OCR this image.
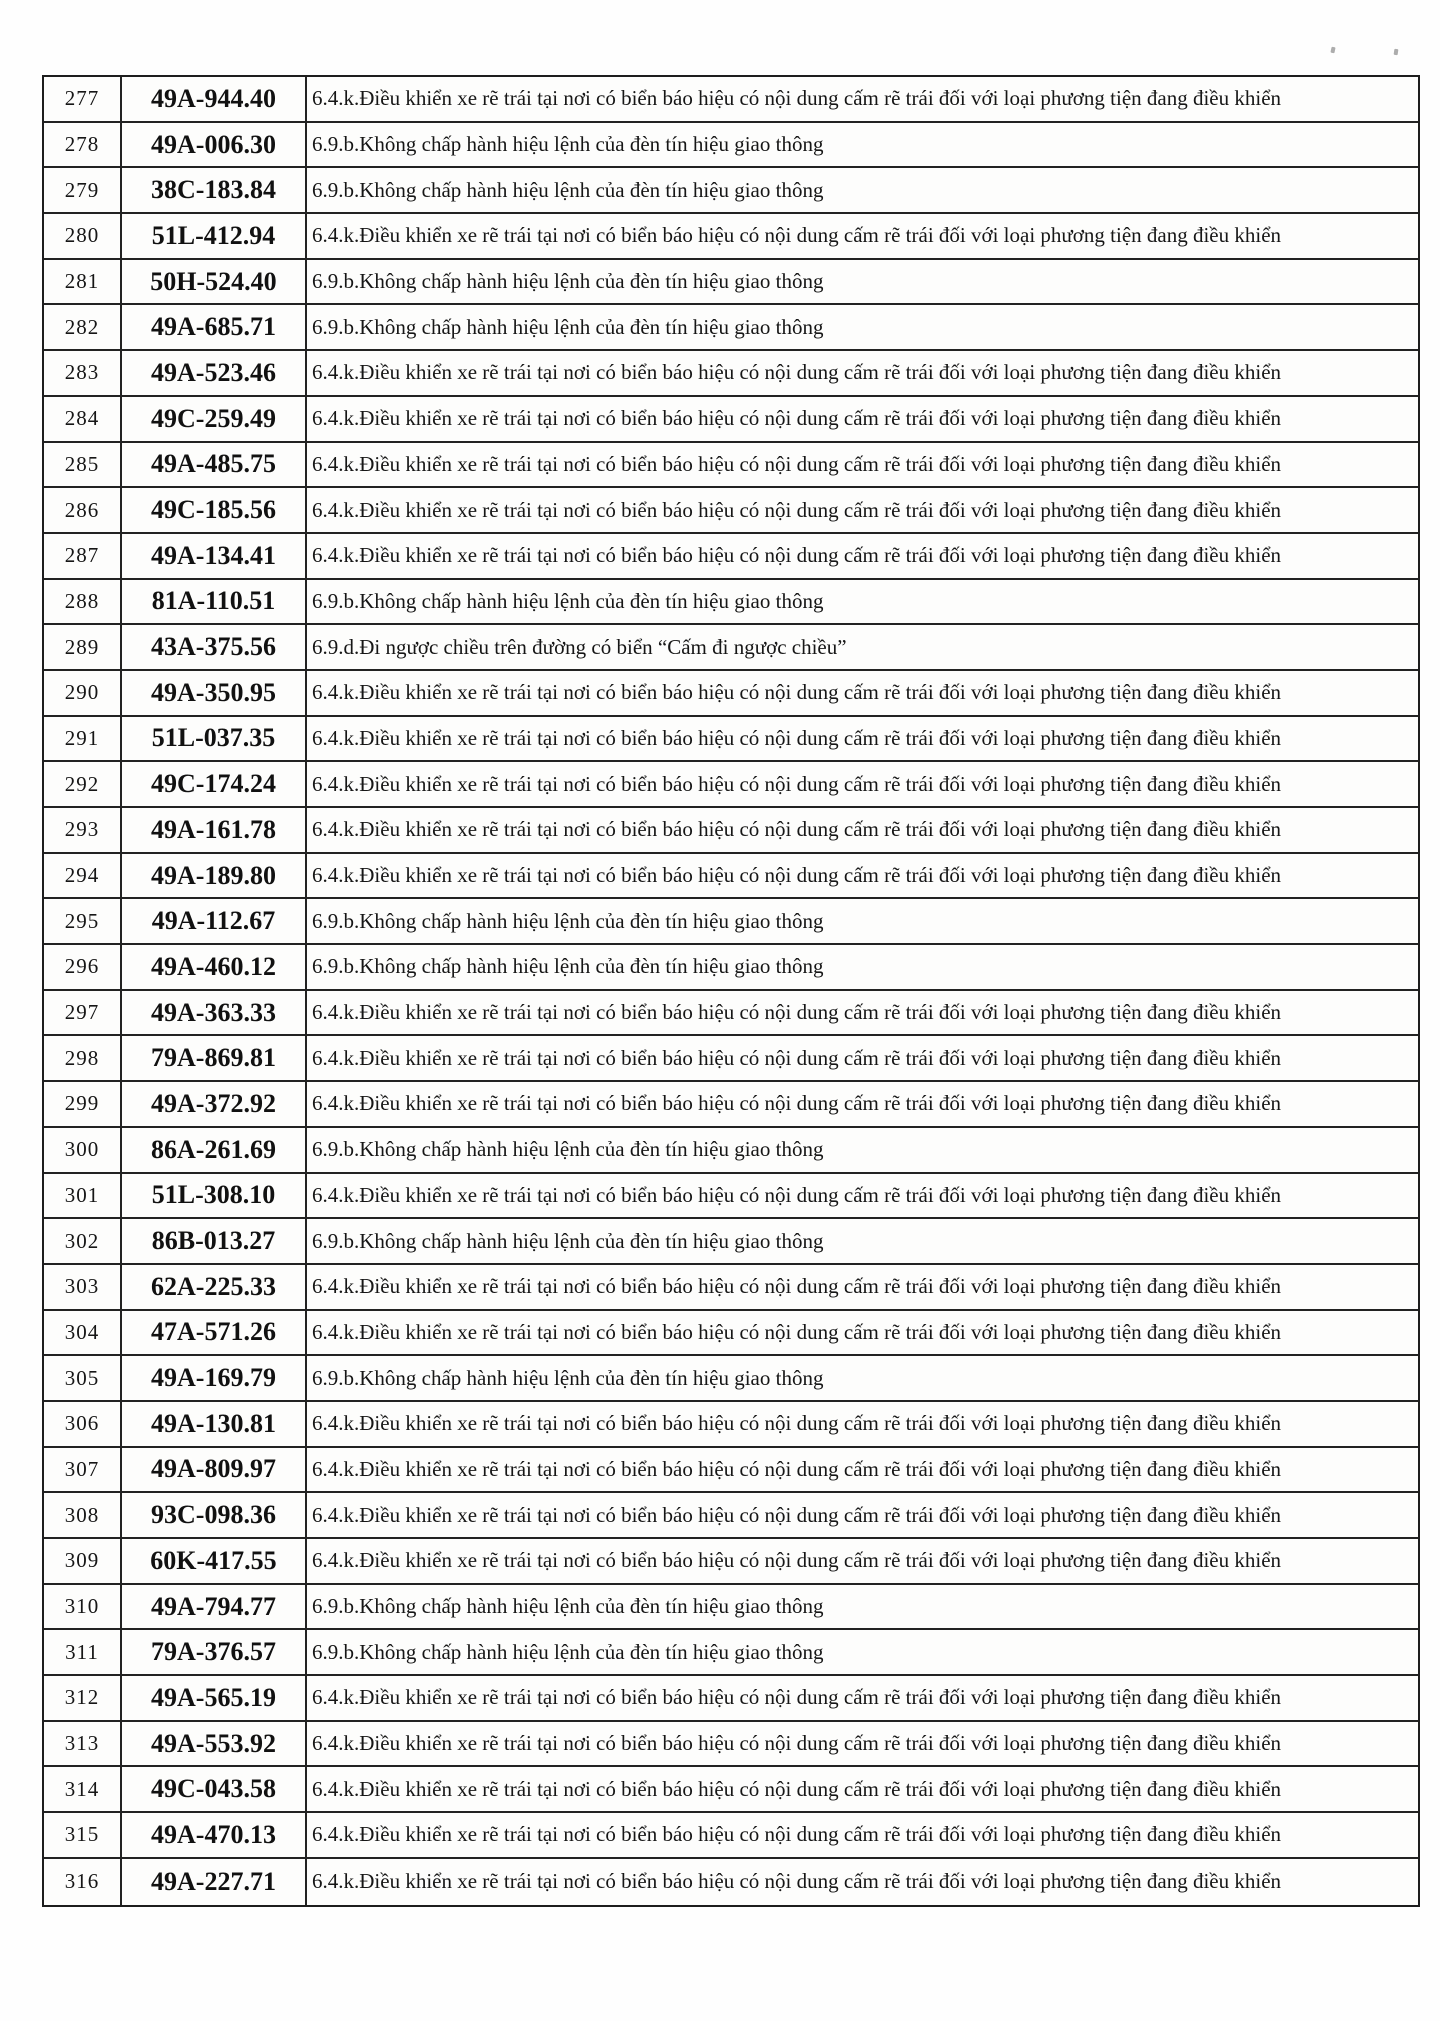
277	49A-944.40	6.4.k.Điều khiển xe rẽ trái tại nơi có biển báo hiệu có nội dung cấm rẽ trái đối với loại phương tiện đang điều khiển
278	49A-006.30	6.9.b.Không chấp hành hiệu lệnh của đèn tín hiệu giao thông
279	38C-183.84	6.9.b.Không chấp hành hiệu lệnh của đèn tín hiệu giao thông
280	51L-412.94	6.4.k.Điều khiển xe rẽ trái tại nơi có biển báo hiệu có nội dung cấm rẽ trái đối với loại phương tiện đang điều khiển
281	50H-524.40	6.9.b.Không chấp hành hiệu lệnh của đèn tín hiệu giao thông
282	49A-685.71	6.9.b.Không chấp hành hiệu lệnh của đèn tín hiệu giao thông
283	49A-523.46	6.4.k.Điều khiển xe rẽ trái tại nơi có biển báo hiệu có nội dung cấm rẽ trái đối với loại phương tiện đang điều khiển
284	49C-259.49	6.4.k.Điều khiển xe rẽ trái tại nơi có biển báo hiệu có nội dung cấm rẽ trái đối với loại phương tiện đang điều khiển
285	49A-485.75	6.4.k.Điều khiển xe rẽ trái tại nơi có biển báo hiệu có nội dung cấm rẽ trái đối với loại phương tiện đang điều khiển
286	49C-185.56	6.4.k.Điều khiển xe rẽ trái tại nơi có biển báo hiệu có nội dung cấm rẽ trái đối với loại phương tiện đang điều khiển
287	49A-134.41	6.4.k.Điều khiển xe rẽ trái tại nơi có biển báo hiệu có nội dung cấm rẽ trái đối với loại phương tiện đang điều khiển
288	81A-110.51	6.9.b.Không chấp hành hiệu lệnh của đèn tín hiệu giao thông
289	43A-375.56	6.9.d.Đi ngược chiều trên đường có biển “Cấm đi ngược chiều”
290	49A-350.95	6.4.k.Điều khiển xe rẽ trái tại nơi có biển báo hiệu có nội dung cấm rẽ trái đối với loại phương tiện đang điều khiển
291	51L-037.35	6.4.k.Điều khiển xe rẽ trái tại nơi có biển báo hiệu có nội dung cấm rẽ trái đối với loại phương tiện đang điều khiển
292	49C-174.24	6.4.k.Điều khiển xe rẽ trái tại nơi có biển báo hiệu có nội dung cấm rẽ trái đối với loại phương tiện đang điều khiển
293	49A-161.78	6.4.k.Điều khiển xe rẽ trái tại nơi có biển báo hiệu có nội dung cấm rẽ trái đối với loại phương tiện đang điều khiển
294	49A-189.80	6.4.k.Điều khiển xe rẽ trái tại nơi có biển báo hiệu có nội dung cấm rẽ trái đối với loại phương tiện đang điều khiển
295	49A-112.67	6.9.b.Không chấp hành hiệu lệnh của đèn tín hiệu giao thông
296	49A-460.12	6.9.b.Không chấp hành hiệu lệnh của đèn tín hiệu giao thông
297	49A-363.33	6.4.k.Điều khiển xe rẽ trái tại nơi có biển báo hiệu có nội dung cấm rẽ trái đối với loại phương tiện đang điều khiển
298	79A-869.81	6.4.k.Điều khiển xe rẽ trái tại nơi có biển báo hiệu có nội dung cấm rẽ trái đối với loại phương tiện đang điều khiển
299	49A-372.92	6.4.k.Điều khiển xe rẽ trái tại nơi có biển báo hiệu có nội dung cấm rẽ trái đối với loại phương tiện đang điều khiển
300	86A-261.69	6.9.b.Không chấp hành hiệu lệnh của đèn tín hiệu giao thông
301	51L-308.10	6.4.k.Điều khiển xe rẽ trái tại nơi có biển báo hiệu có nội dung cấm rẽ trái đối với loại phương tiện đang điều khiển
302	86B-013.27	6.9.b.Không chấp hành hiệu lệnh của đèn tín hiệu giao thông
303	62A-225.33	6.4.k.Điều khiển xe rẽ trái tại nơi có biển báo hiệu có nội dung cấm rẽ trái đối với loại phương tiện đang điều khiển
304	47A-571.26	6.4.k.Điều khiển xe rẽ trái tại nơi có biển báo hiệu có nội dung cấm rẽ trái đối với loại phương tiện đang điều khiển
305	49A-169.79	6.9.b.Không chấp hành hiệu lệnh của đèn tín hiệu giao thông
306	49A-130.81	6.4.k.Điều khiển xe rẽ trái tại nơi có biển báo hiệu có nội dung cấm rẽ trái đối với loại phương tiện đang điều khiển
307	49A-809.97	6.4.k.Điều khiển xe rẽ trái tại nơi có biển báo hiệu có nội dung cấm rẽ trái đối với loại phương tiện đang điều khiển
308	93C-098.36	6.4.k.Điều khiển xe rẽ trái tại nơi có biển báo hiệu có nội dung cấm rẽ trái đối với loại phương tiện đang điều khiển
309	60K-417.55	6.4.k.Điều khiển xe rẽ trái tại nơi có biển báo hiệu có nội dung cấm rẽ trái đối với loại phương tiện đang điều khiển
310	49A-794.77	6.9.b.Không chấp hành hiệu lệnh của đèn tín hiệu giao thông
311	79A-376.57	6.9.b.Không chấp hành hiệu lệnh của đèn tín hiệu giao thông
312	49A-565.19	6.4.k.Điều khiển xe rẽ trái tại nơi có biển báo hiệu có nội dung cấm rẽ trái đối với loại phương tiện đang điều khiển
313	49A-553.92	6.4.k.Điều khiển xe rẽ trái tại nơi có biển báo hiệu có nội dung cấm rẽ trái đối với loại phương tiện đang điều khiển
314	49C-043.58	6.4.k.Điều khiển xe rẽ trái tại nơi có biển báo hiệu có nội dung cấm rẽ trái đối với loại phương tiện đang điều khiển
315	49A-470.13	6.4.k.Điều khiển xe rẽ trái tại nơi có biển báo hiệu có nội dung cấm rẽ trái đối với loại phương tiện đang điều khiển
316	49A-227.71	6.4.k.Điều khiển xe rẽ trái tại nơi có biển báo hiệu có nội dung cấm rẽ trái đối với loại phương tiện đang điều khiển
